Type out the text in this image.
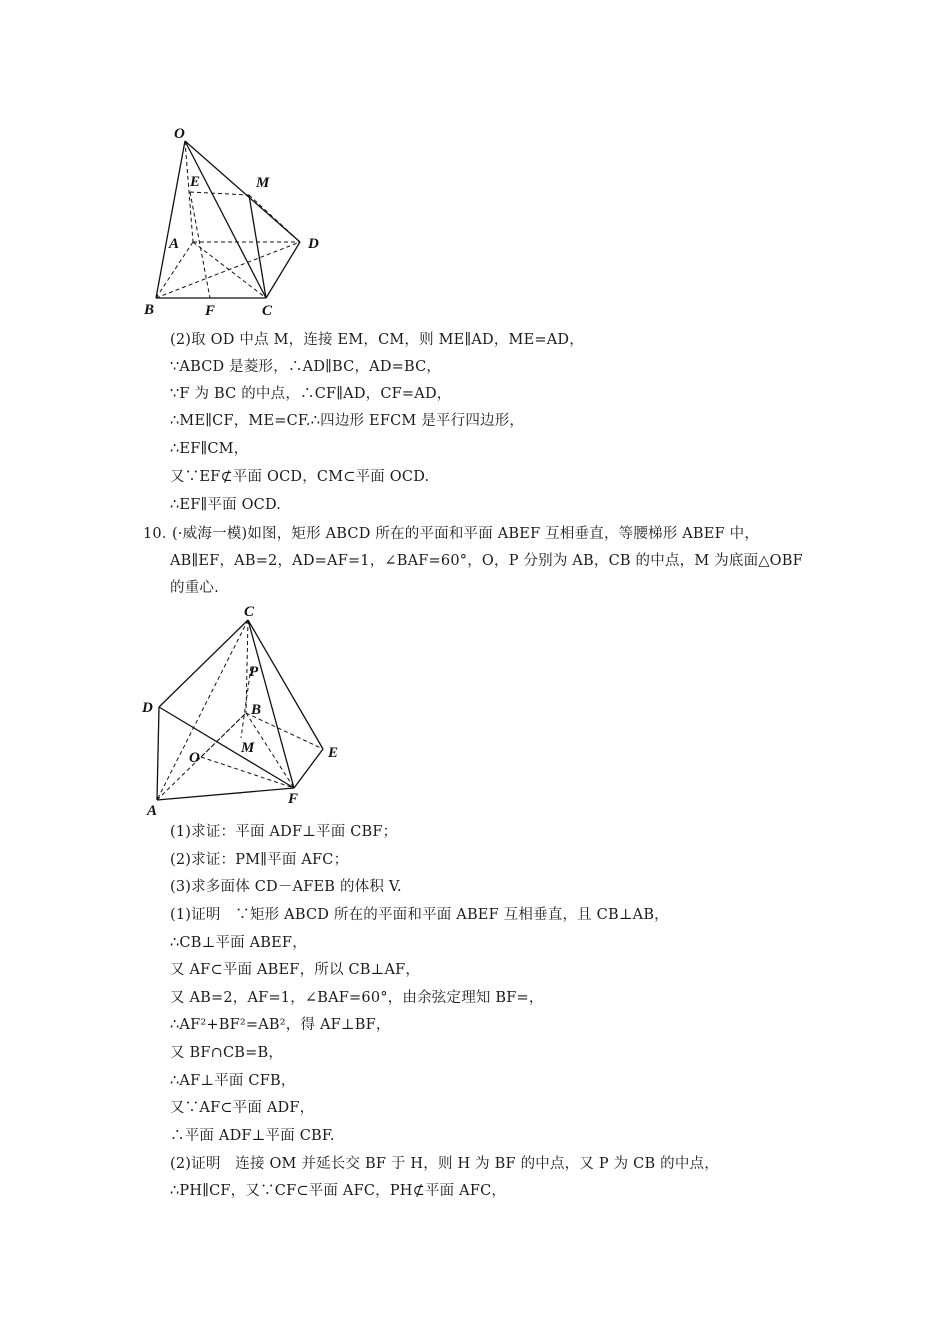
O
E	M
A	D
B	F	C
(2)取 OD 中点 M，连接 EM，CM，则 ME∥AD，ME=AD，
∵ABCD 是菱形，∴AD∥BC，AD=BC，
∵F 为 BC 的中点，∴CF∥AD，CF=AD，
∴ME∥CF，ME=CF.∴四边形 EFCM 是平行四边形，
∴EF∥CM，
又∵EF⊄平面 OCD，CM⊂平面 OCD.
∴EF∥平面 OCD.
10．
(·威海一模)如图，矩形 ABCD 所在的平面和平面 ABEF 互相垂直，等腰梯形 ABEF 中，
AB∥EF，AB=2，AD=AF=1，∠BAF=60°，O，P 分别为 AB，CB 的中点，M 为底面△OBF
的重心.
C
P
D	B
M
O	E
A
F
(1)求证：平面 ADF⊥平面 CBF；
(2)求证：PM∥平面 AFC；
(3)求多面体 CD－AFEB 的体积 V.
(1)证明　∵矩形 ABCD 所在的平面和平面 ABEF 互相垂直，且 CB⊥AB，
∴CB⊥平面 ABEF，
又 AF⊂平面 ABEF，所以 CB⊥AF，
又 AB=2，AF=1，∠BAF=60°，由余弦定理知 BF=，
∴AF²+BF²=AB²，得 AF⊥BF，
又 BF∩CB=B，
∴AF⊥平面 CFB，
又∵AF⊂平面 ADF，
∴平面 ADF⊥平面 CBF.
(2)证明　连接 OM 并延长交 BF 于 H，则 H 为 BF 的中点，又 P 为 CB 的中点，
∴PH∥CF，又∵CF⊂平面 AFC，PH⊄平面 AFC，
